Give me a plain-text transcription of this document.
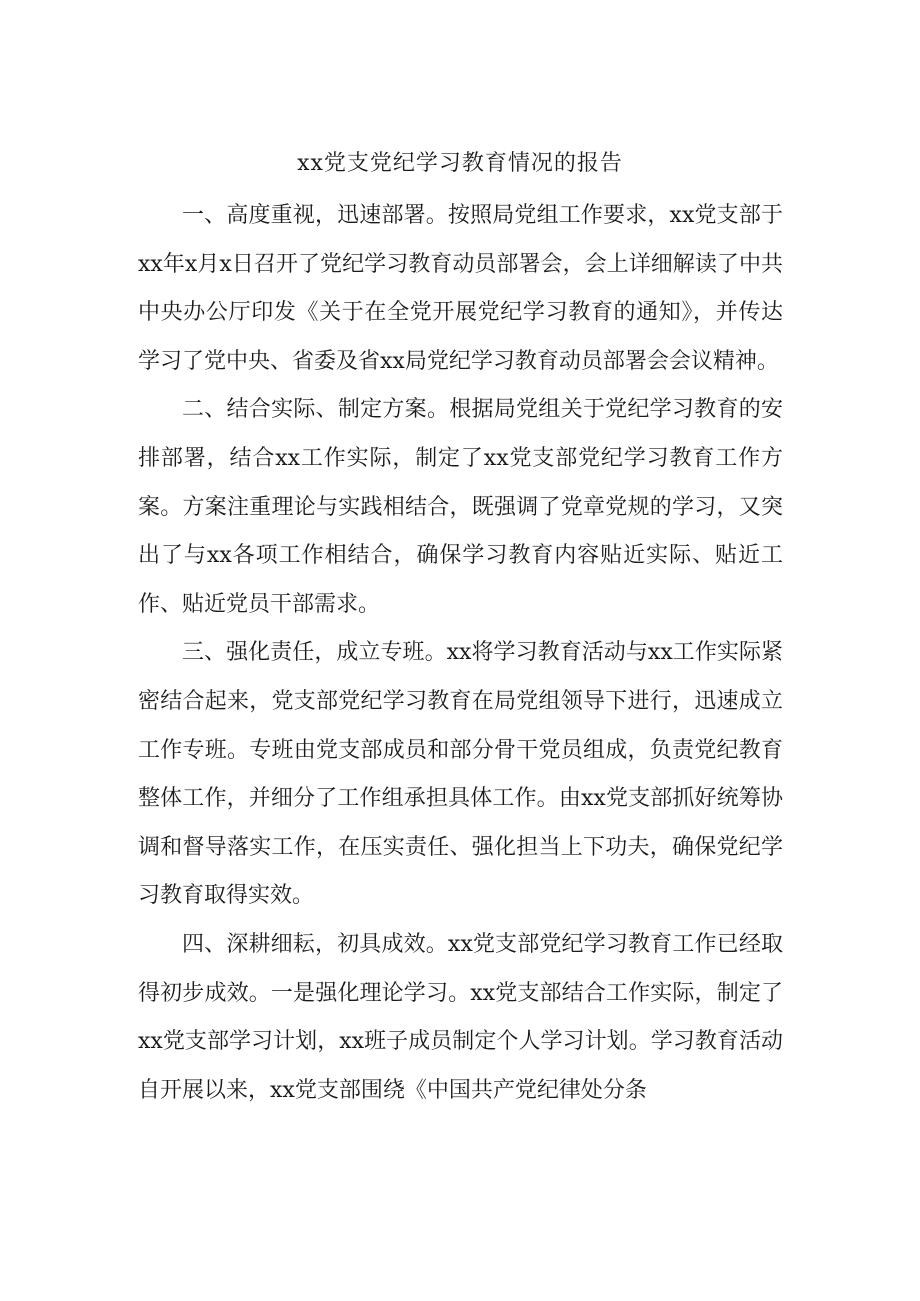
xx党支党纪学习教育情况的报告

一、高度重视，迅速部署。按照局党组工作要求，xx党支部于xx年x月x日召开了党纪学习教育动员部署会，会上详细解读了中共中央办公厅印发《关于在全党开展党纪学习教育的通知》，并传达学习了党中央、省委及省xx局党纪学习教育动员部署会会议精神。

二、结合实际、制定方案。根据局党组关于党纪学习教育的安排部署，结合xx工作实际，制定了xx党支部党纪学习教育工作方案。方案注重理论与实践相结合，既强调了党章党规的学习，又突出了与xx各项工作相结合，确保学习教育内容贴近实际、贴近工作、贴近党员干部需求。

三、强化责任，成立专班。xx将学习教育活动与xx工作实际紧密结合起来，党支部党纪学习教育在局党组领导下进行，迅速成立工作专班。专班由党支部成员和部分骨干党员组成，负责党纪教育整体工作，并细分了工作组承担具体工作。由xx党支部抓好统筹协调和督导落实工作，在压实责任、强化担当上下功夫，确保党纪学习教育取得实效。

四、深耕细耘，初具成效。xx党支部党纪学习教育工作已经取得初步成效。一是强化理论学习。xx党支部结合工作实际，制定了xx党支部学习计划，xx班子成员制定个人学习计划。学习教育活动自开展以来，xx党支部围绕《中国共产党纪律处分条
